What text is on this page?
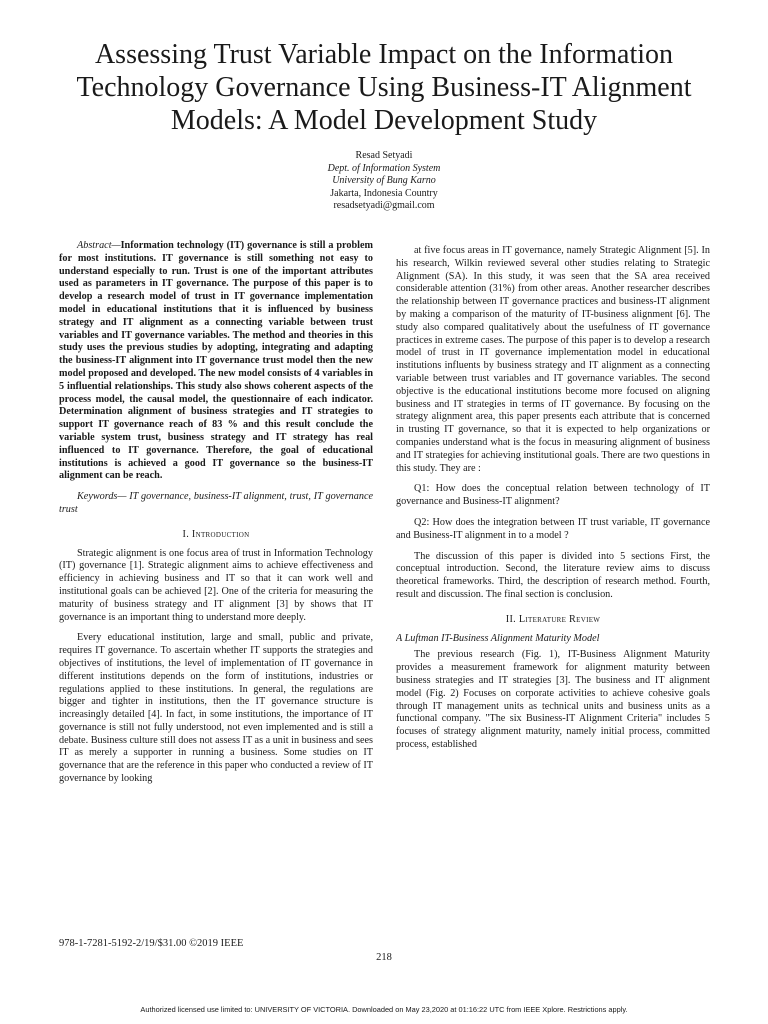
Assessing Trust Variable Impact on the Information Technology Governance Using Business-IT Alignment Models: A Model Development Study
Resad Setyadi
Dept. of Information System
University of Bung Karno
Jakarta, Indonesia Country
resadsetyadi@gmail.com

Abstract—Information technology (IT) governance is still a problem for most institutions. IT governance is still something not easy to understand especially to run. Trust is one of the important attributes used as parameters in IT governance. The purpose of this paper is to develop a research model of trust in IT governance implementation model in educational institutions that it is influenced by business strategy and IT alignment as a connecting variable between trust variables and IT governance variables. The method and theories in this study uses the previous studies by adopting, integrating and adapting the business-IT alignment into IT governance trust model then the new model proposed and developed. The new model consists of 4 variables in 5 influential relationships. This study also shows coherent aspects of the process model, the causal model, the questionnaire of each indicator. Determination alignment of business strategies and IT strategies to support IT governance reach of 83 % and this result conclude the variable system trust, business strategy and IT strategy has real influenced to IT governance. Therefore, the goal of educational institutions is achieved a good IT governance so the business-IT alignment can be reach.

Keywords— IT governance, business-IT alignment, trust, IT governance trust

I. Introduction

Strategic alignment is one focus area of trust in Information Technology (IT) governance [1]. Strategic alignment aims to achieve effectiveness and efficiency in achieving business and IT so that it can work well and institutional goals can be achieved [2]. One of the criteria for measuring the maturity of business strategy and IT alignment [3] by shows that IT governance is an important thing to understand more deeply.

Every educational institution, large and small, public and private, requires IT governance. To ascertain whether IT supports the strategies and objectives of institutions, the level of implementation of IT governance in different institutions depends on the form of institutions, industries or regulations applied to these institutions. In general, the regulations are bigger and tighter in institutions, then the IT governance structure is increasingly detailed [4]. In fact, in some institutions, the importance of IT governance is still not fully understood, not even implemented and is still a debate. Business culture still does not assess IT as a unit in business and sees IT as merely a supporter in running a business. Some studies on IT governance that are the reference in this paper who conducted a review of IT governance by looking

at five focus areas in IT governance, namely Strategic Alignment [5]. In his research, Wilkin reviewed several other studies relating to Strategic Alignment (SA). In this study, it was seen that the SA area received considerable attention (31%) from other areas. Another researcher describes the relationship between IT governance practices and business-IT alignment by making a comparison of the maturity of IT-business alignment [6]. The study also compared qualitatively about the usefulness of IT governance practices in extreme cases. The purpose of this paper is to develop a research model of trust in IT governance implementation model in educational institutions influents by business strategy and IT alignment as a connecting variable between trust variables and IT governance variables. The second objective is the educational institutions become more focused on aligning business and IT strategies in terms of IT governance. By focusing on the strategy alignment area, this paper presents each attribute that is concerned in trusting IT governance, so that it is expected to help organizations or companies understand what is the focus in measuring alignment of business and IT strategies for achieving institutional goals. There are two questions in this study. They are :

Q1: How does the conceptual relation between technology of IT governance and Business-IT alignment?

Q2: How does the integration between IT trust variable, IT governance and Business-IT alignment in to a model ?

The discussion of this paper is divided into 5 sections First, the conceptual introduction. Second, the literature review aims to discuss theoretical frameworks. Third, the description of research method. Fourth, result and discussion. The final section is conclusion.

II. Literature Review

A Luftman IT-Business Alignment Maturity Model

The previous research (Fig. 1), IT-Business Alignment Maturity provides a measurement framework for alignment maturity between business strategies and IT strategies [3]. The business and IT alignment model (Fig. 2) Focuses on corporate activities to achieve cohesive goals through IT management units as technical units and business units as a functional company. "The six Business-IT Alignment Criteria" includes 5 focuses of strategy alignment maturity, namely initial process, committed process, established

978-1-7281-5192-2/19/$31.00 ©2019 IEEE
218
Authorized licensed use limited to: UNIVERSITY OF VICTORIA. Downloaded on May 23,2020 at 01:16:22 UTC from IEEE Xplore. Restrictions apply.
